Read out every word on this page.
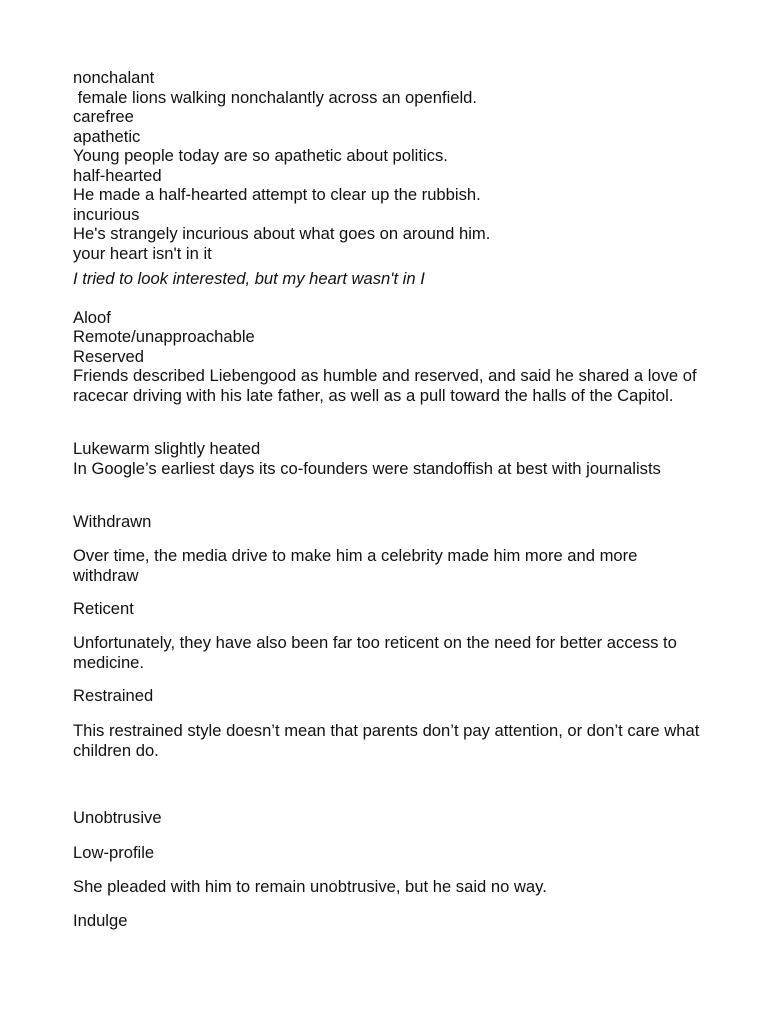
nonchalant
female lions walking nonchalantly across an openfield.
carefree
apathetic
Young people today are so apathetic about politics.
half-hearted
He made a half-hearted attempt to clear up the rubbish.
incurious
He's strangely incurious about what goes on around him.
your heart isn't in it
I tried to look interested, but my heart wasn't in I
Aloof
Remote/unapproachable
Reserved
Friends described Liebengood as humble and reserved, and said he shared a love of racecar driving with his late father, as well as a pull toward the halls of the Capitol.
Lukewarm slightly heated
In Google’s earliest days its co-founders were standoffish at best with journalists
Withdrawn
Over time, the media drive to make him a celebrity made him more and more withdraw
Reticent
Unfortunately, they have also been far too reticent on the need for better access to medicine.
Restrained
This restrained style doesn’t mean that parents don’t pay attention, or don’t care what children do.
Unobtrusive
Low-profile
She pleaded with him to remain unobtrusive, but he said no way.
Indulge
